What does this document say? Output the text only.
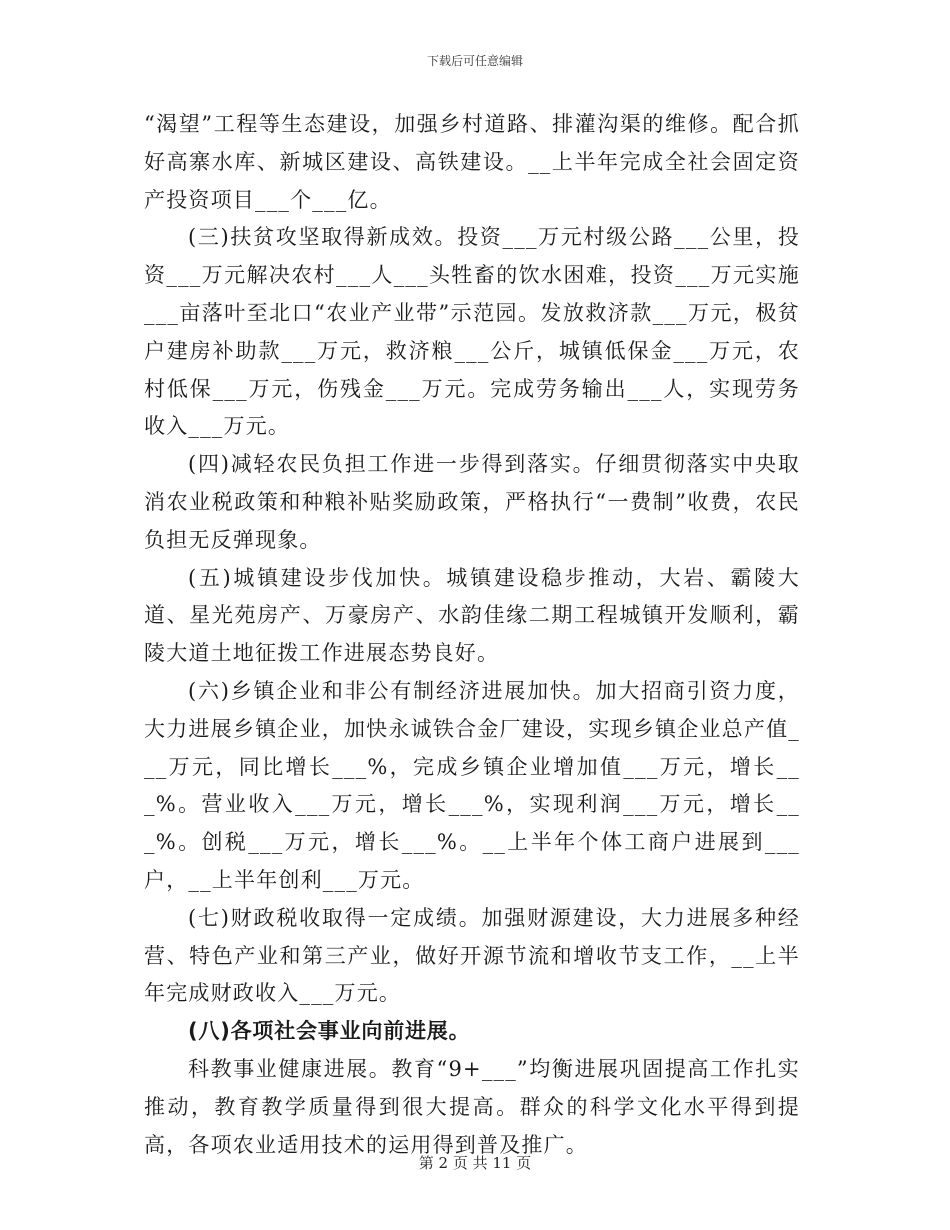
下载后可任意编辑

“渴望”工程等生态建设，加强乡村道路、排灌沟渠的维修。配合抓好高寨水库、新城区建设、高铁建设。__上半年完成全社会固定资产投资项目___个___亿。

(三)扶贫攻坚取得新成效。投资___万元村级公路___公里，投资___万元解决农村___人___头牲畜的饮水困难，投资___万元实施___亩落叶至北口“农业产业带”示范园。发放救济款___万元，极贫户建房补助款___万元，救济粮___公斤，城镇低保金___万元，农村低保___万元，伤残金___万元。完成劳务输出___人，实现劳务收入___万元。

(四)减轻农民负担工作进一步得到落实。仔细贯彻落实中央取消农业税政策和种粮补贴奖励政策，严格执行“一费制”收费，农民负担无反弹现象。

(五)城镇建设步伐加快。城镇建设稳步推动，大岩、霸陵大道、星光苑房产、万豪房产、水韵佳缘二期工程城镇开发顺利，霸陵大道土地征拨工作进展态势良好。

(六)乡镇企业和非公有制经济进展加快。加大招商引资力度，大力进展乡镇企业，加快永诚铁合金厂建设，实现乡镇企业总产值___万元，同比增长___%，完成乡镇企业增加值___万元，增长___%。营业收入___万元，增长___%，实现利润___万元，增长___%。创税___万元，增长___%。__上半年个体工商户进展到___户，__上半年创利___万元。

(七)财政税收取得一定成绩。加强财源建设，大力进展多种经营、特色产业和第三产业，做好开源节流和增收节支工作，__上半年完成财政收入___万元。

(八)各项社会事业向前进展。

科教事业健康进展。教育“9+___”均衡进展巩固提高工作扎实推动，教育教学质量得到很大提高。群众的科学文化水平得到提高，各项农业适用技术的运用得到普及推广。

第 2 页 共 11 页
